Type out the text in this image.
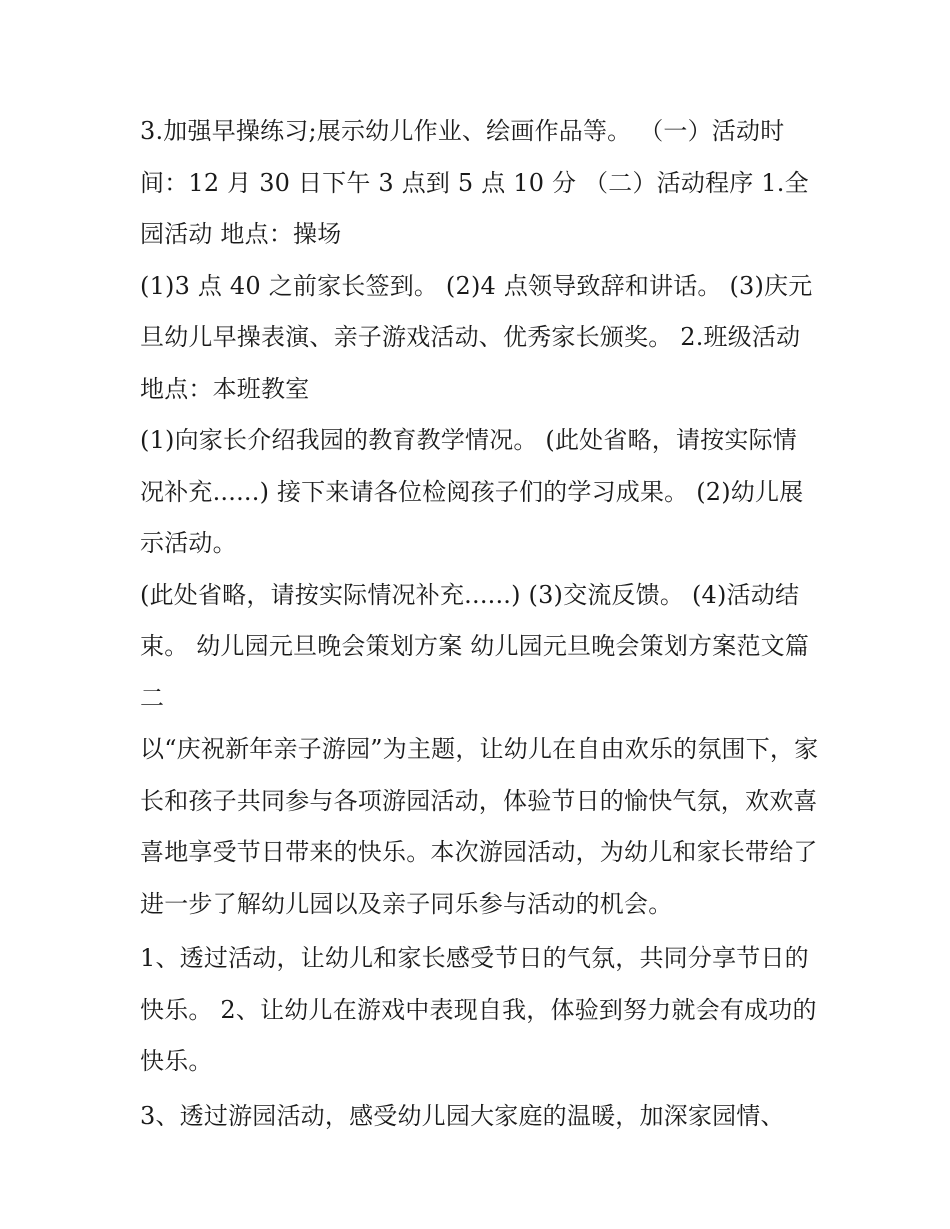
3.加强早操练习;展示幼儿作业、绘画作品等。 （一）活动时间：12 月 30 日下午 3 点到 5 点 10 分 （二）活动程序 1.全园活动 地点：操场

(1)3 点 40 之前家长签到。 (2)4 点领导致辞和讲话。 (3)庆元旦幼儿早操表演、亲子游戏活动、优秀家长颁奖。 2.班级活动 地点：本班教室

(1)向家长介绍我园的教育教学情况。 (此处省略，请按实际情况补充......) 接下来请各位检阅孩子们的学习成果。 (2)幼儿展示活动。

(此处省略，请按实际情况补充......) (3)交流反馈。 (4)活动结束。 幼儿园元旦晚会策划方案 幼儿园元旦晚会策划方案范文篇二

以“庆祝新年亲子游园”为主题，让幼儿在自由欢乐的氛围下，家长和孩子共同参与各项游园活动，体验节日的愉快气氛，欢欢喜喜地享受节日带来的快乐。本次游园活动，为幼儿和家长带给了进一步了解幼儿园以及亲子同乐参与活动的机会。

1、透过活动，让幼儿和家长感受节日的气氛，共同分享节日的快乐。 2、让幼儿在游戏中表现自我，体验到努力就会有成功的快乐。

3、透过游园活动，感受幼儿园大家庭的温暖，加深家园情、
